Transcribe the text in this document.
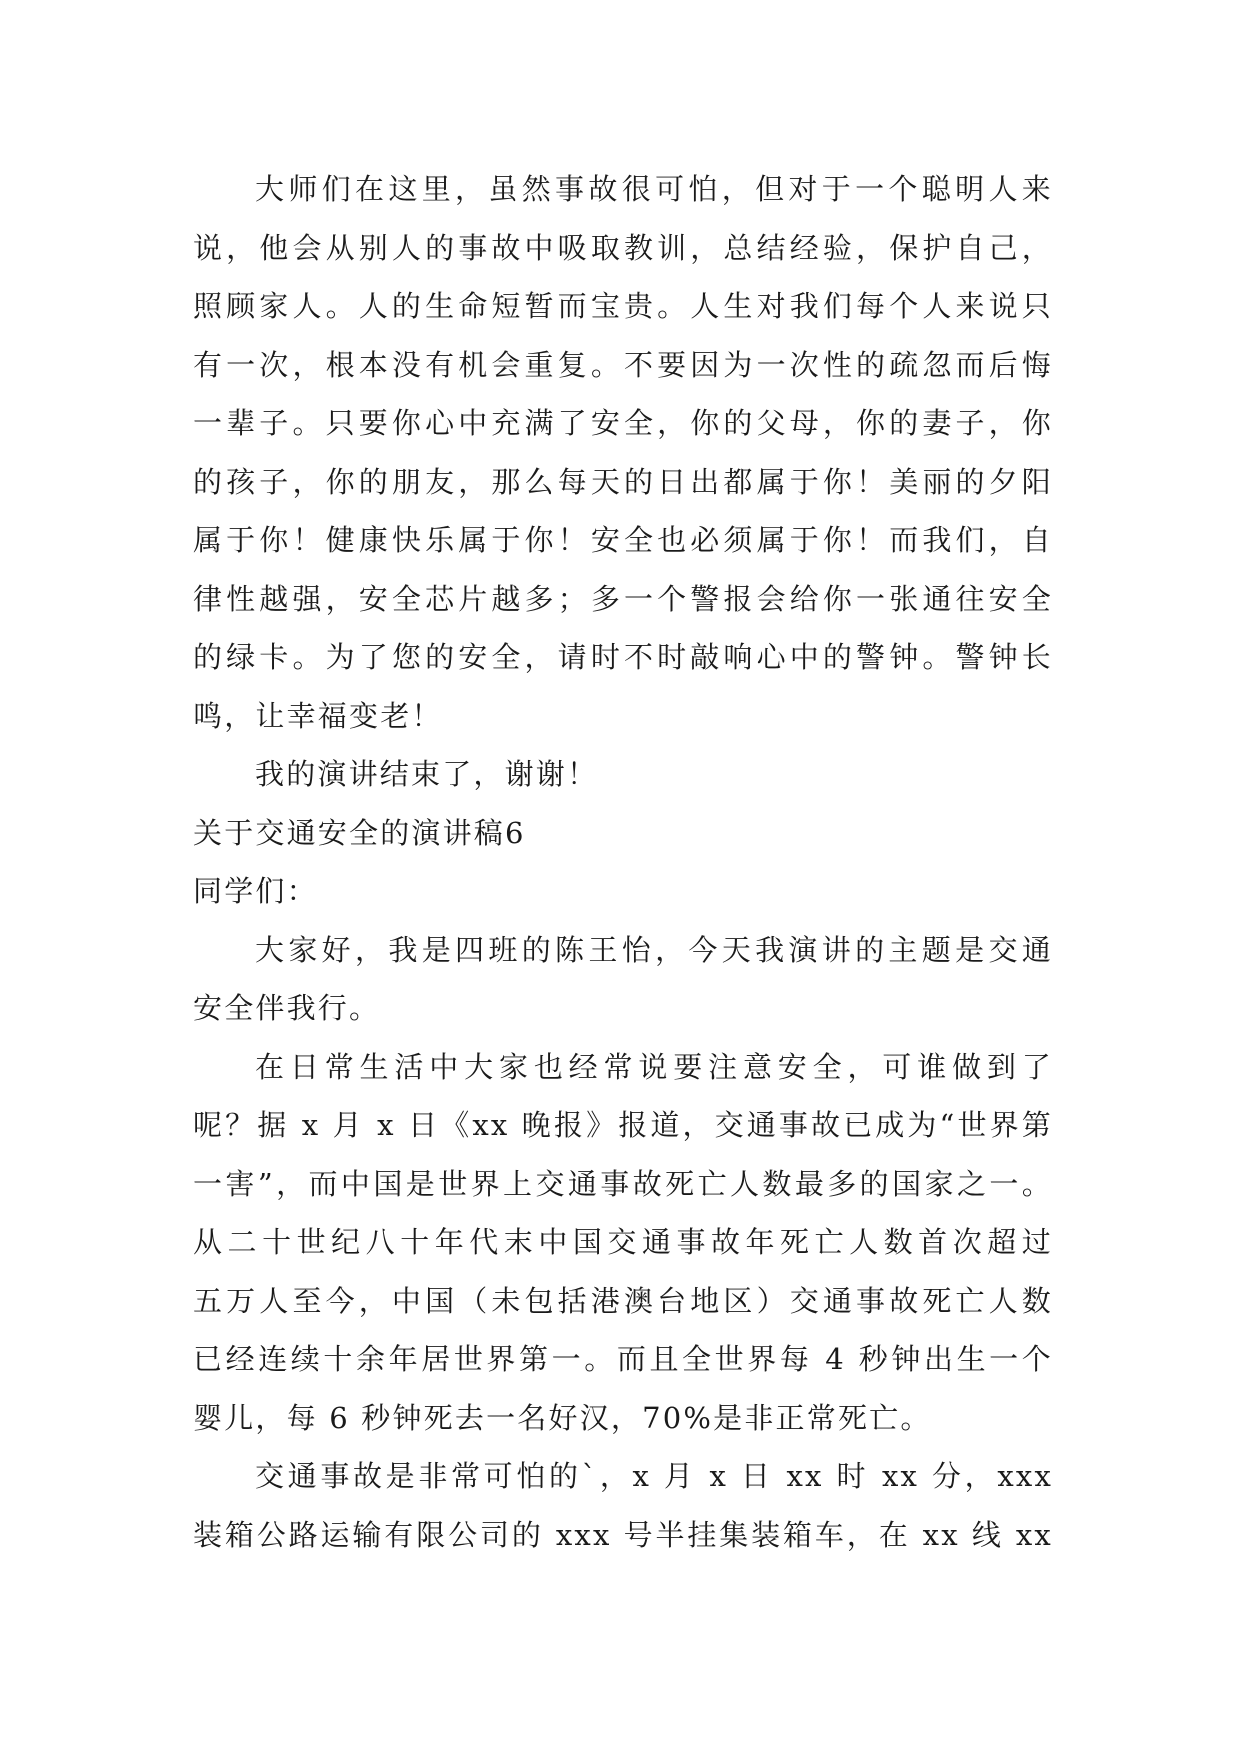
大师们在这里，虽然事故很可怕，但对于一个聪明人来
说，他会从别人的事故中吸取教训，总结经验，保护自己，
照顾家人。人的生命短暂而宝贵。人生对我们每个人来说只
有一次，根本没有机会重复。不要因为一次性的疏忽而后悔
一辈子。只要你心中充满了安全，你的父母，你的妻子，你
的孩子，你的朋友，那么每天的日出都属于你！美丽的夕阳
属于你！健康快乐属于你！安全也必须属于你！而我们，自
律性越强，安全芯片越多；多一个警报会给你一张通往安全
的绿卡。为了您的安全，请时不时敲响心中的警钟。警钟长
鸣，让幸福变老！
我的演讲结束了，谢谢！
关于交通安全的演讲稿6
同学们：
大家好，我是四班的陈王怡，今天我演讲的主题是交通
安全伴我行。
在日常生活中大家也经常说要注意安全，可谁做到了
呢？据 x 月 x 日《xx 晚报》报道，交通事故已成为“世界第
一害”，而中国是世界上交通事故死亡人数最多的国家之一。
从二十世纪八十年代末中国交通事故年死亡人数首次超过
五万人至今，中国（未包括港澳台地区）交通事故死亡人数
已经连续十余年居世界第一。而且全世界每 4 秒钟出生一个
婴儿，每 6 秒钟死去一名好汉，70%是非正常死亡。
交通事故是非常可怕的`，x 月 x 日 xx 时 xx 分，xxx
装箱公路运输有限公司的 xxx 号半挂集装箱车，在 xx 线 xx
